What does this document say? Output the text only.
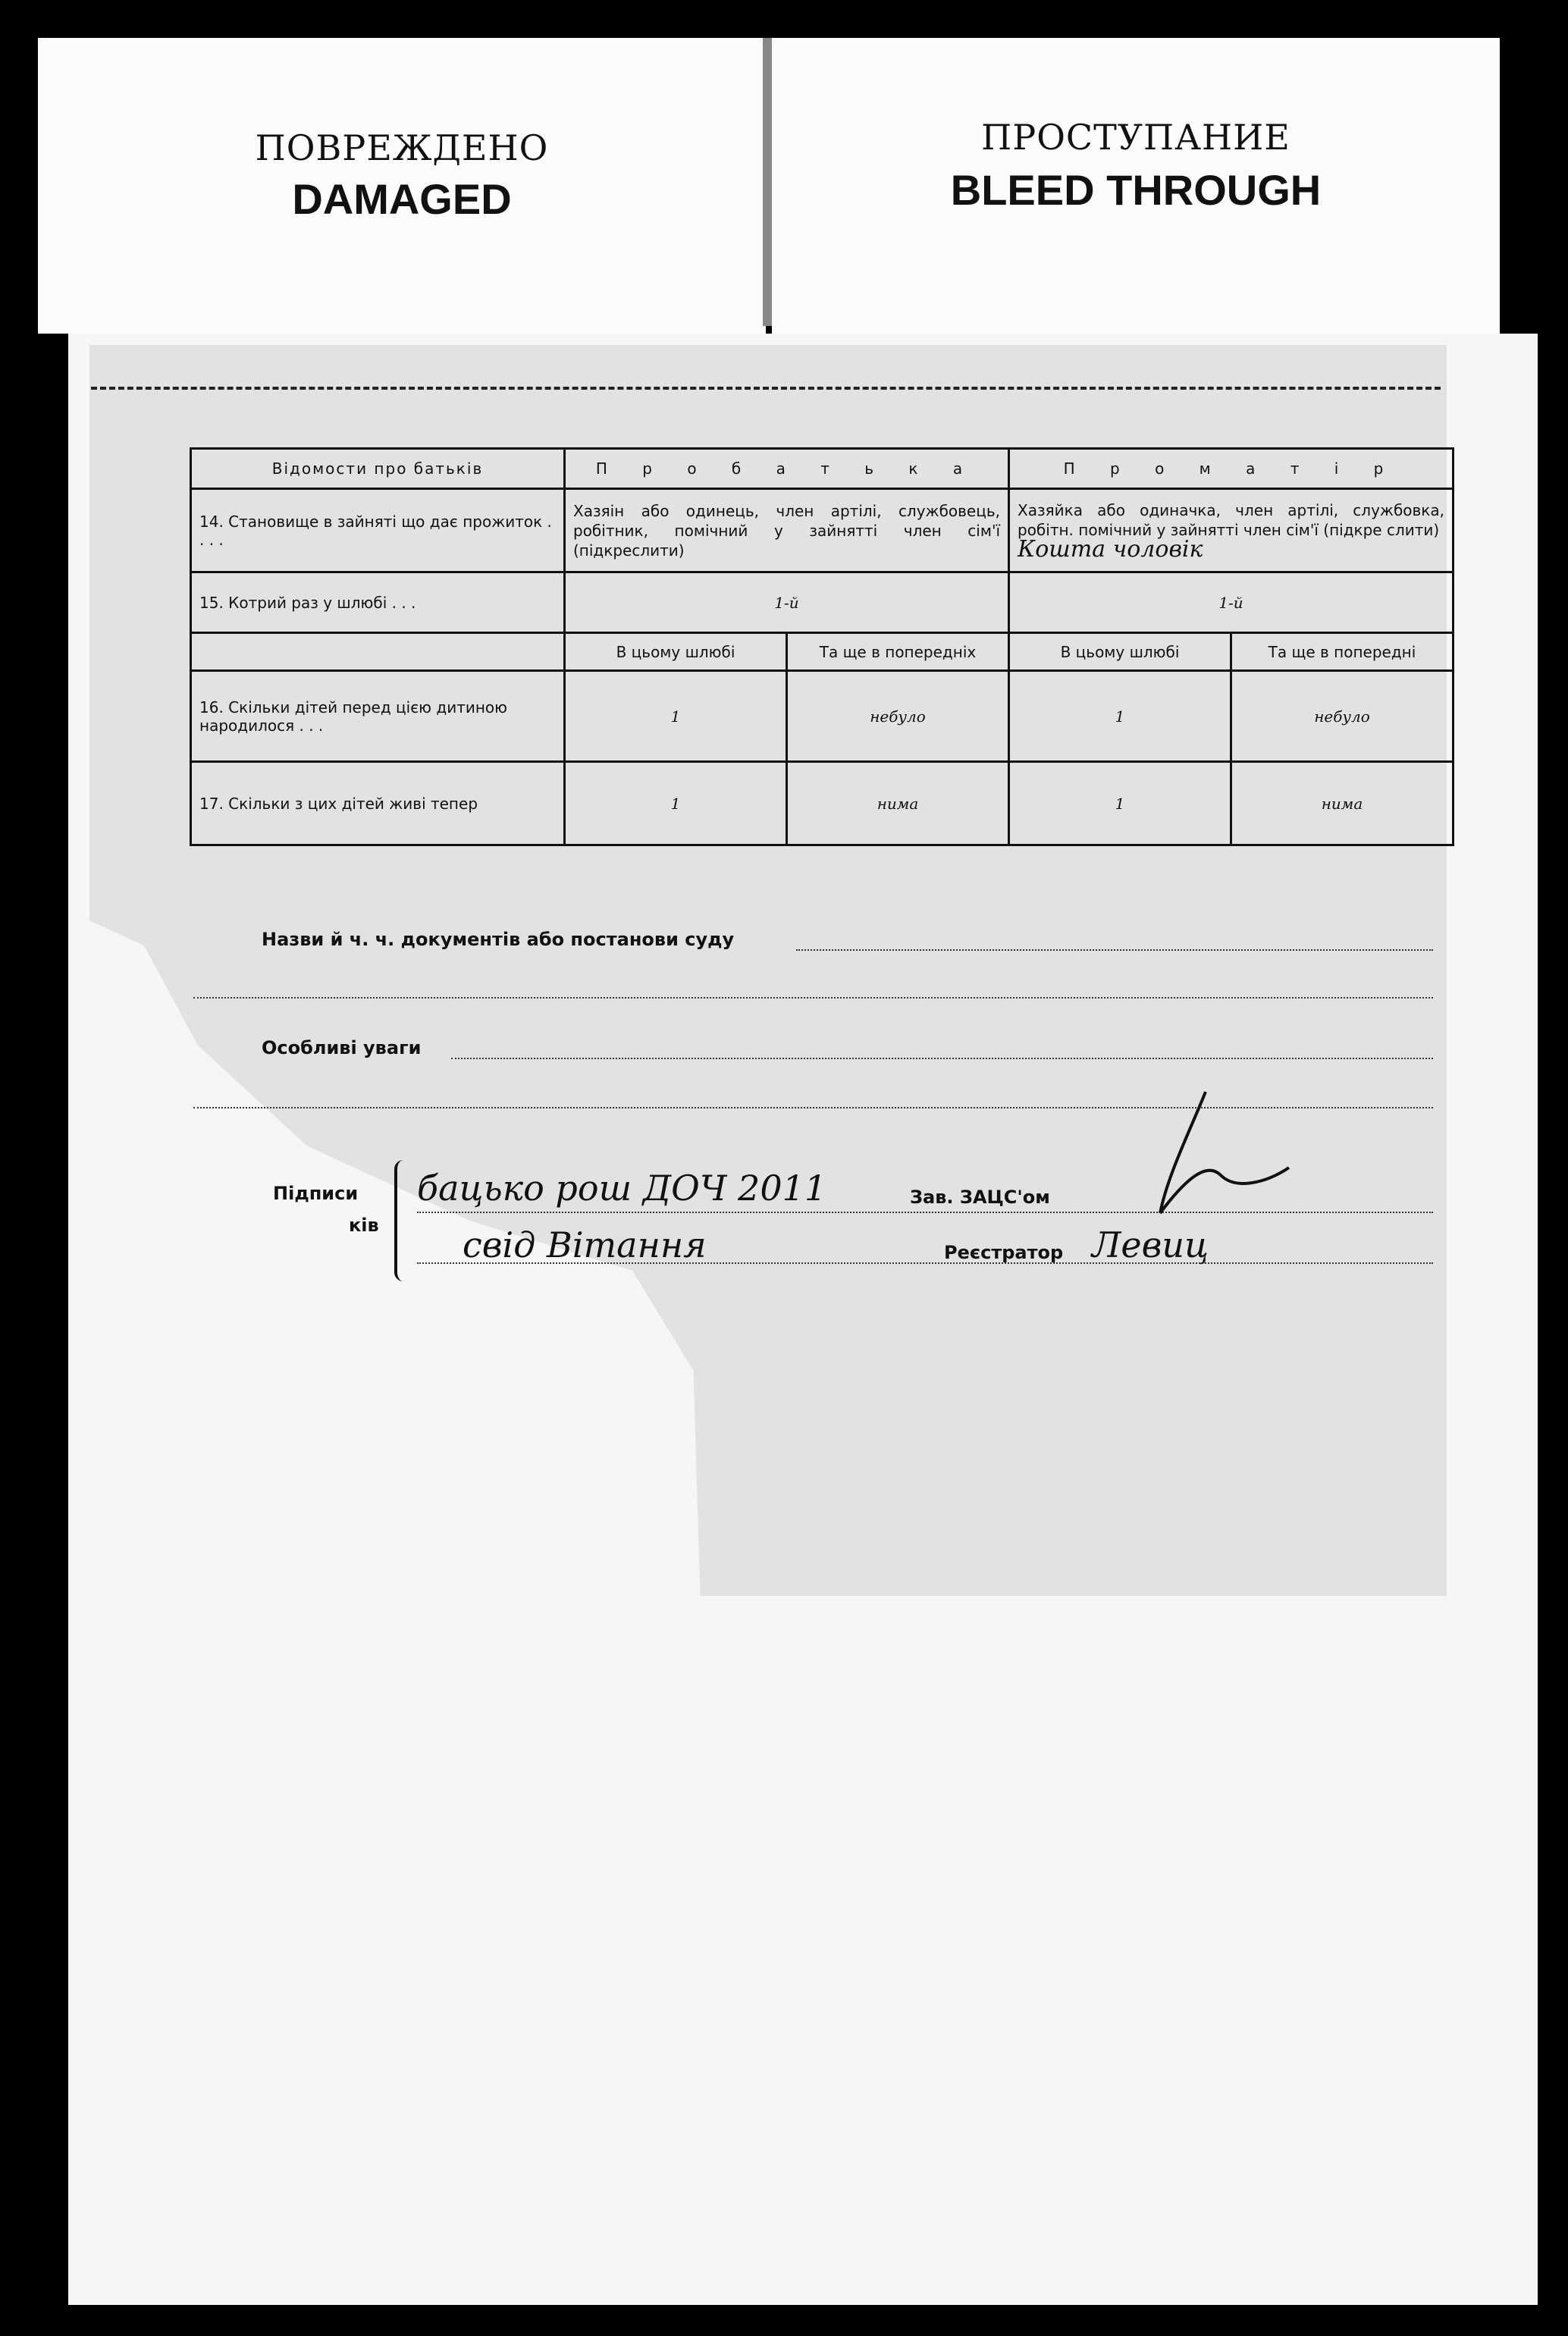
ПОВРЕЖДЕНО
DAMAGED
ПРОСТУПАНИЕ
BLEED THROUGH
Відомости про батьків	П р о б а т ь к а		П р о м а т і р	
14. Становище в зайняті що дає прожиток . . . .	Хазяін або одинець, член артілі, службовець, робітник, помічний у зайнятті член сім'ї (підкреслити)		Хазяйка або одиначка, член артілі, службовка, робітн. помічний у зайнятті член сім'ї (підкре слити)
Кошта чоловік	
15. Котрий раз у шлюбі . . .	1-й		1-й	
	В цьому шлюбі	Та ще в попередніх	В цьому шлюбі	Та ще в попередні
16. Скільки дітей перед цією дитиною народилося . . .	1	небуло	1	небуло
17. Скільки з цих дітей живі тепер	1	нима	1	нима
Назви й ч. ч. документів або постанови суду
Особливі уваги
Підписи
ків
бацько рош ДОЧ 2011
свід Вітання
Зав. ЗАЦС'ом
Реєстратор Левиц
